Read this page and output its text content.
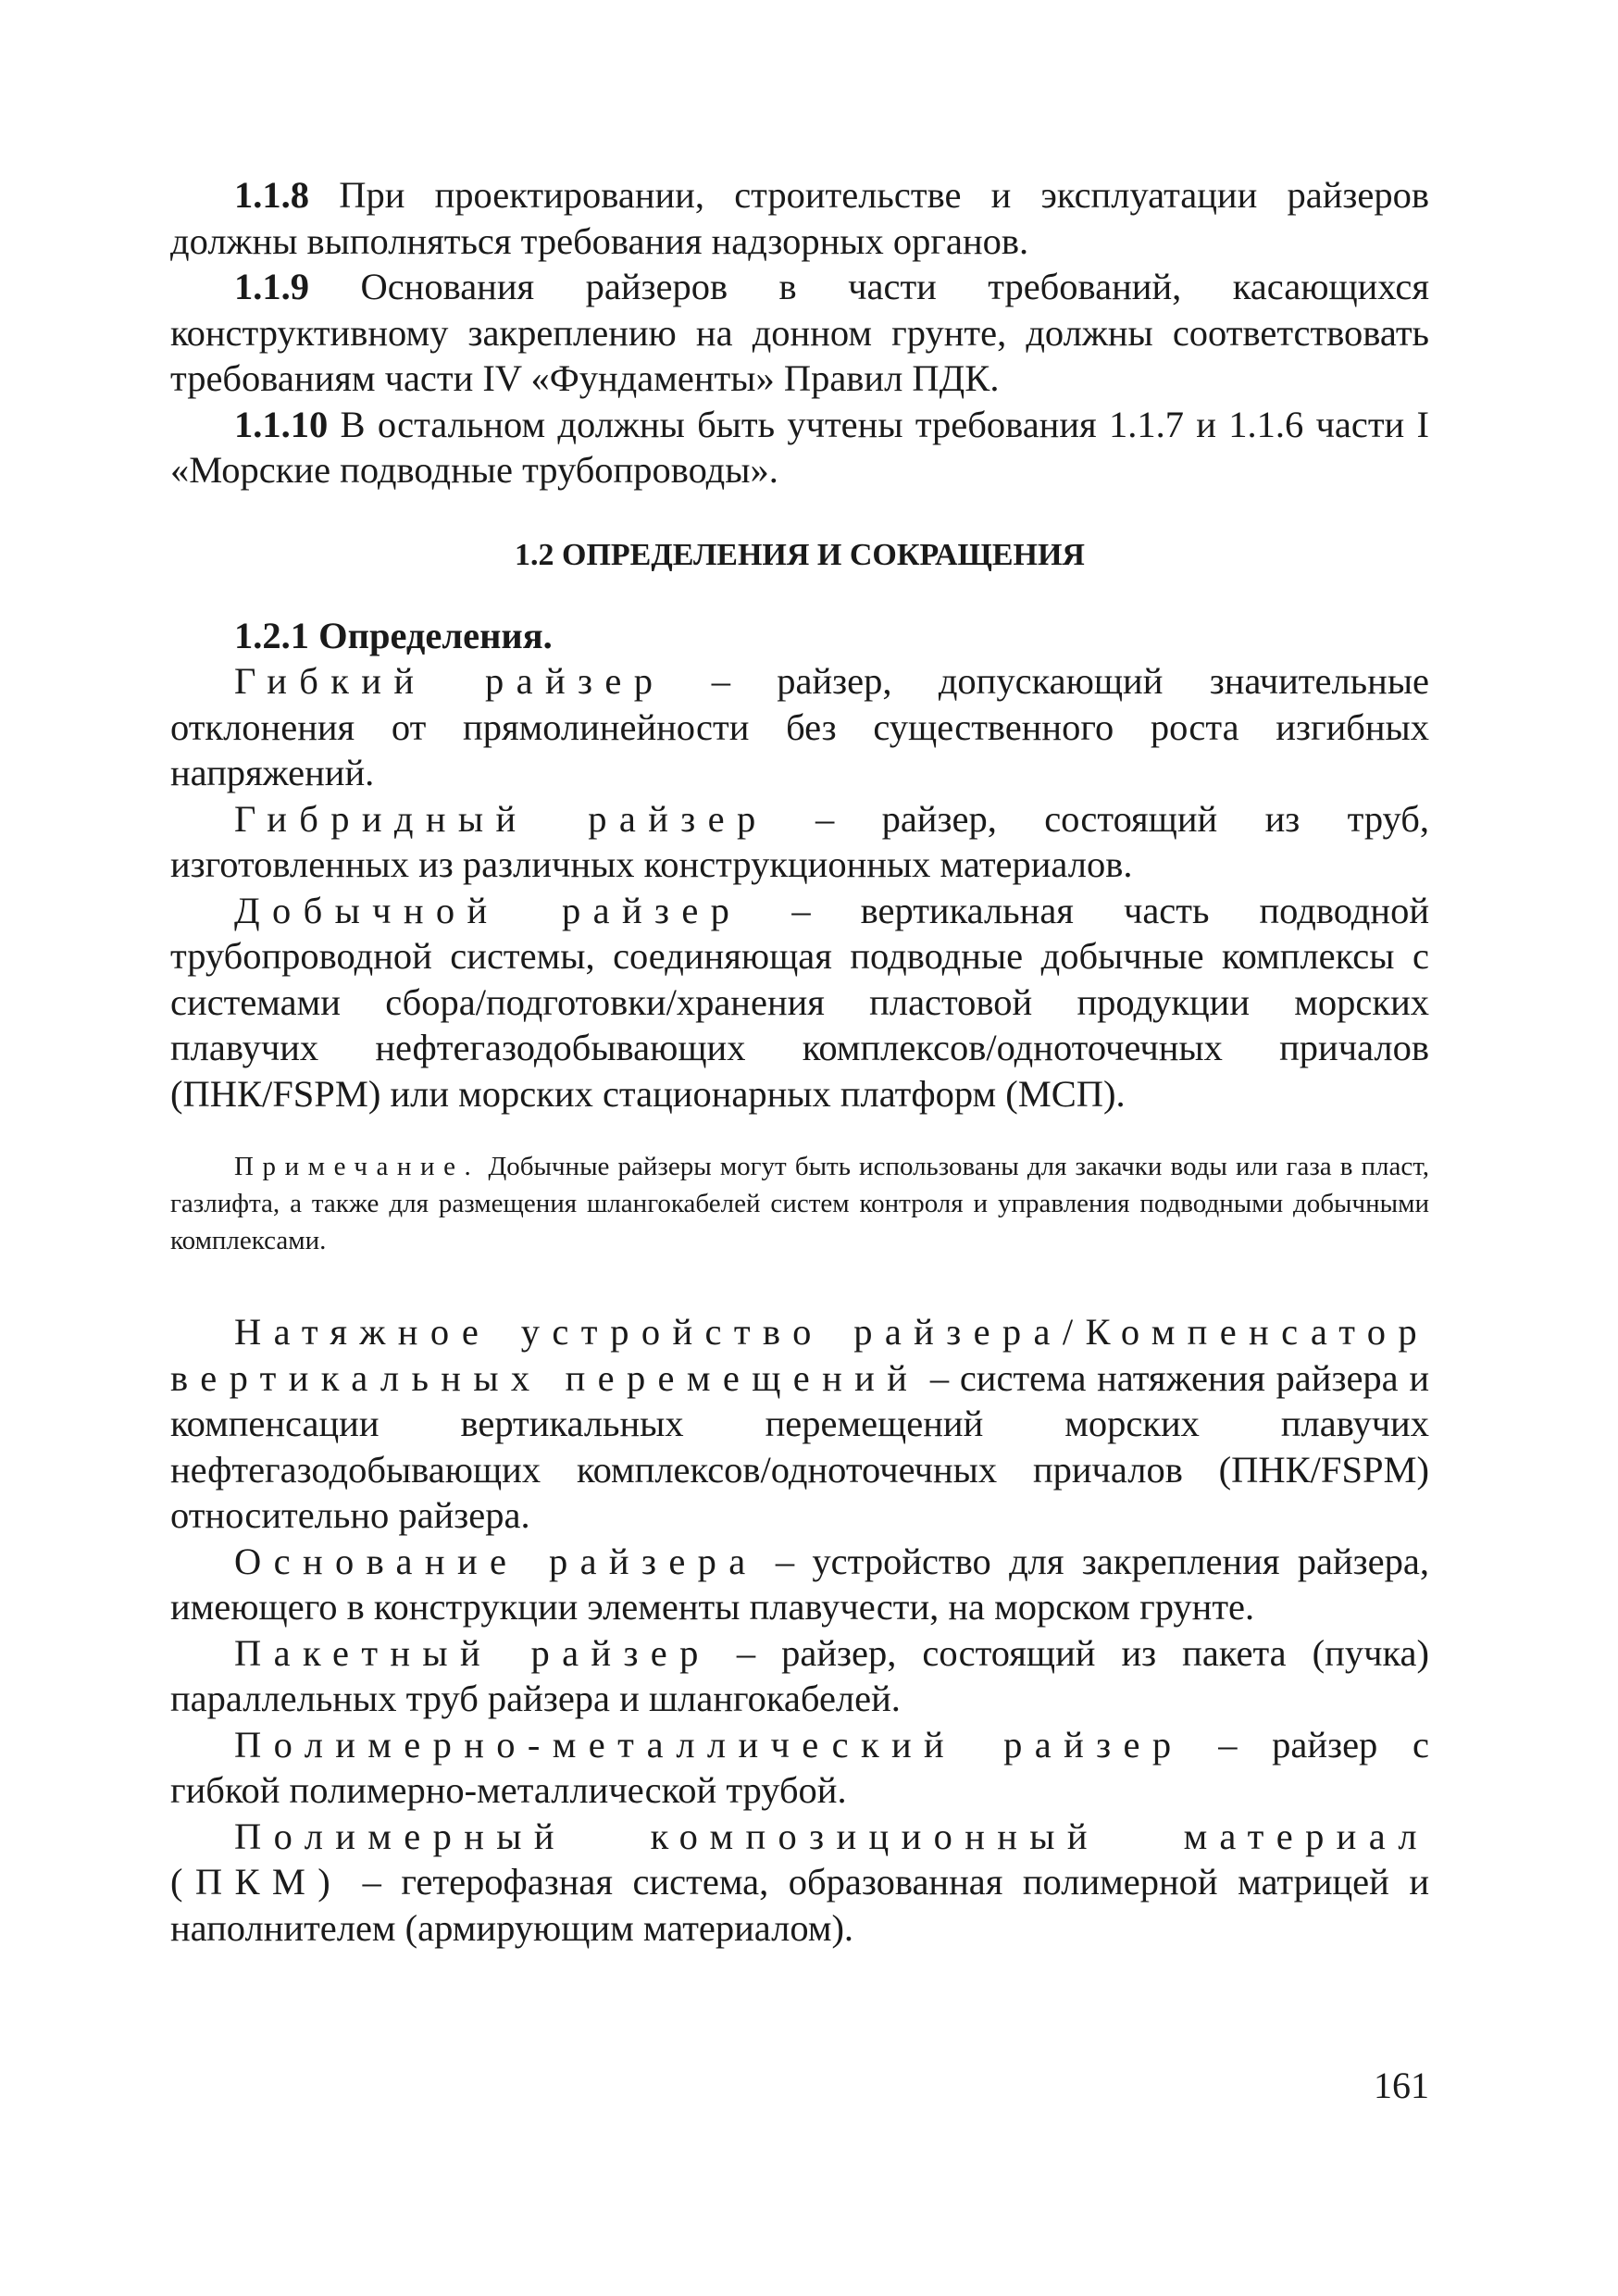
1.1.8 При проектировании, строительстве и эксплуатации райзеров должны выполняться требования надзорных органов.

1.1.9 Основания райзеров в части требований, касающихся конструктивному закреплению на донном грунте, должны соответствовать требованиям части IV «Фундаменты» Правил ПДК.

1.1.10 В остальном должны быть учтены требования 1.1.7 и 1.1.6 части I «Морские подводные трубопроводы».

1.2 ОПРЕДЕЛЕНИЯ И СОКРАЩЕНИЯ

1.2.1 Определения.

Гибкий райзер – райзер, допускающий значительные отклонения от прямолинейности без существенного роста изгибных напряжений.

Гибридный райзер – райзер, состоящий из труб, изготовленных из различных конструкционных материалов.

Добычной райзер – вертикальная часть подводной трубопроводной системы, соединяющая подводные добычные комплексы с системами сбора/подготовки/хранения пластовой продукции морских плавучих нефтегазодобывающих комплексов/одноточечных причалов (ПНК/FSPM) или морских стационарных платформ (МСП).

Примечание. Добычные райзеры могут быть использованы для закачки воды или газа в пласт, газлифта, а также для размещения шлангокабелей систем контроля и управления подводными добычными комплексами.

Натяжное устройство райзера/Компенсатор вертикальных перемещений – система натяжения райзера и компенсации вертикальных перемещений морских плавучих нефтегазодобывающих комплексов/одноточечных причалов (ПНК/FSPM) относительно райзера.

Основание райзера – устройство для закрепления райзера, имеющего в конструкции элементы плавучести, на морском грунте.

Пакетный райзер – райзер, состоящий из пакета (пучка) параллельных труб райзера и шлангокабелей.

Полимерно-металлический райзер – райзер с гибкой полимерно-металлической трубой.

Полимерный композиционный материал (ПКМ) – гетерофазная система, образованная полимерной матрицей и наполнителем (армирующим материалом).

161
